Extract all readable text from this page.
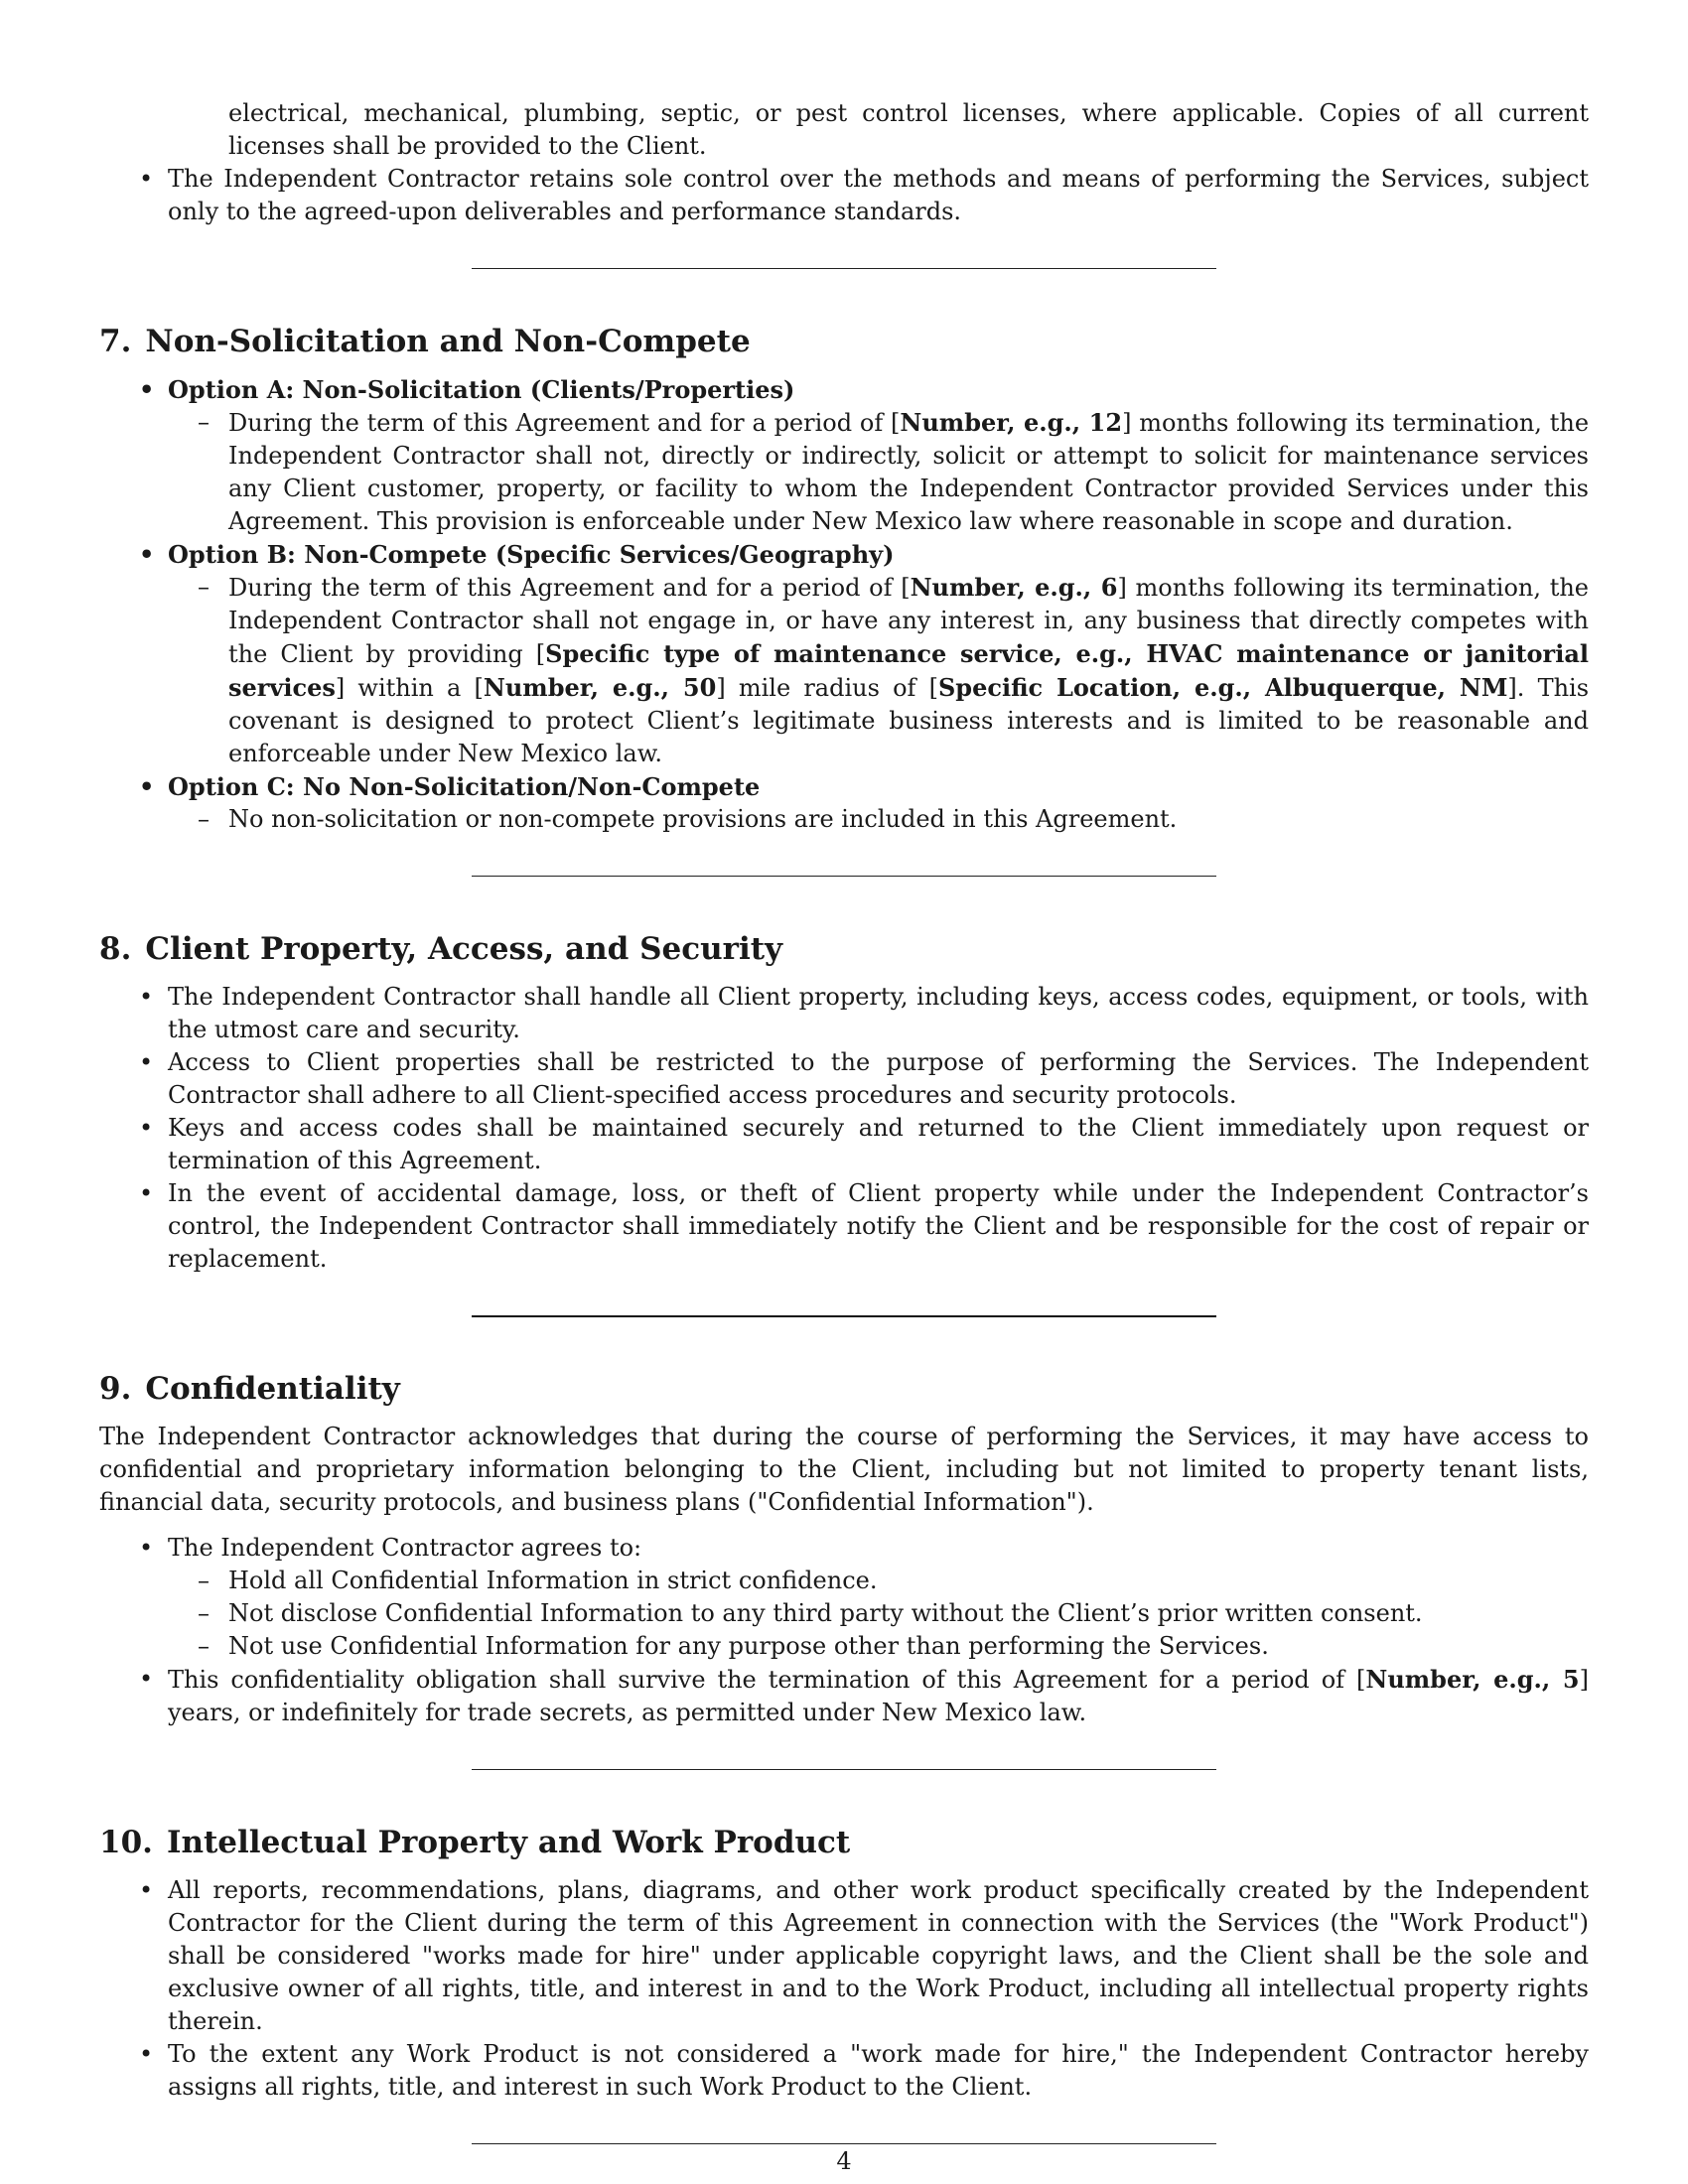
electrical, mechanical, plumbing, septic, or pest control licenses, where applicable. Copies of all current licenses shall be provided to the Client.
• The Independent Contractor retains sole control over the methods and means of performing the Services, subject only to the agreed-upon deliverables and performance standards.
7. Non-Solicitation and Non-Compete
• Option A: Non-Solicitation (Clients/Properties)
– During the term of this Agreement and for a period of [Number, e.g., 12] months following its termination, the Independent Contractor shall not, directly or indirectly, solicit or attempt to solicit for maintenance services any Client customer, property, or facility to whom the Independent Contractor provided Services under this Agreement. This provision is enforceable under New Mexico law where reasonable in scope and duration.
• Option B: Non-Compete (Specific Services/Geography)
– During the term of this Agreement and for a period of [Number, e.g., 6] months following its termination, the Independent Contractor shall not engage in, or have any interest in, any business that directly competes with the Client by providing [Specific type of maintenance service, e.g., HVAC maintenance or janitorial services] within a [Number, e.g., 50] mile radius of [Specific Location, e.g., Albuquerque, NM]. This covenant is designed to protect Client’s legitimate business interests and is limited to be reasonable and enforceable under New Mexico law.
• Option C: No Non-Solicitation/Non-Compete
– No non-solicitation or non-compete provisions are included in this Agreement.
8. Client Property, Access, and Security
• The Independent Contractor shall handle all Client property, including keys, access codes, equipment, or tools, with the utmost care and security.
• Access to Client properties shall be restricted to the purpose of performing the Services. The Independent Contractor shall adhere to all Client-specified access procedures and security protocols.
• Keys and access codes shall be maintained securely and returned to the Client immediately upon request or termination of this Agreement.
• In the event of accidental damage, loss, or theft of Client property while under the Independent Contractor’s control, the Independent Contractor shall immediately notify the Client and be responsible for the cost of repair or replacement.
9. Confidentiality

The Independent Contractor acknowledges that during the course of performing the Services, it may have access to confidential and proprietary information belonging to the Client, including but not limited to property tenant lists, financial data, security protocols, and business plans ("Confidential Information").

• The Independent Contractor agrees to:
– Hold all Confidential Information in strict confidence.
– Not disclose Confidential Information to any third party without the Client’s prior written consent.
– Not use Confidential Information for any purpose other than performing the Services.
• This confidentiality obligation shall survive the termination of this Agreement for a period of [Number, e.g., 5] years, or indefinitely for trade secrets, as permitted under New Mexico law.
10. Intellectual Property and Work Product
• All reports, recommendations, plans, diagrams, and other work product specifically created by the Independent Contractor for the Client during the term of this Agreement in connection with the Services (the "Work Product") shall be considered "works made for hire" under applicable copyright laws, and the Client shall be the sole and exclusive owner of all rights, title, and interest in and to the Work Product, including all intellectual property rights therein.
• To the extent any Work Product is not considered a "work made for hire," the Independent Contractor hereby assigns all rights, title, and interest in such Work Product to the Client.
4
